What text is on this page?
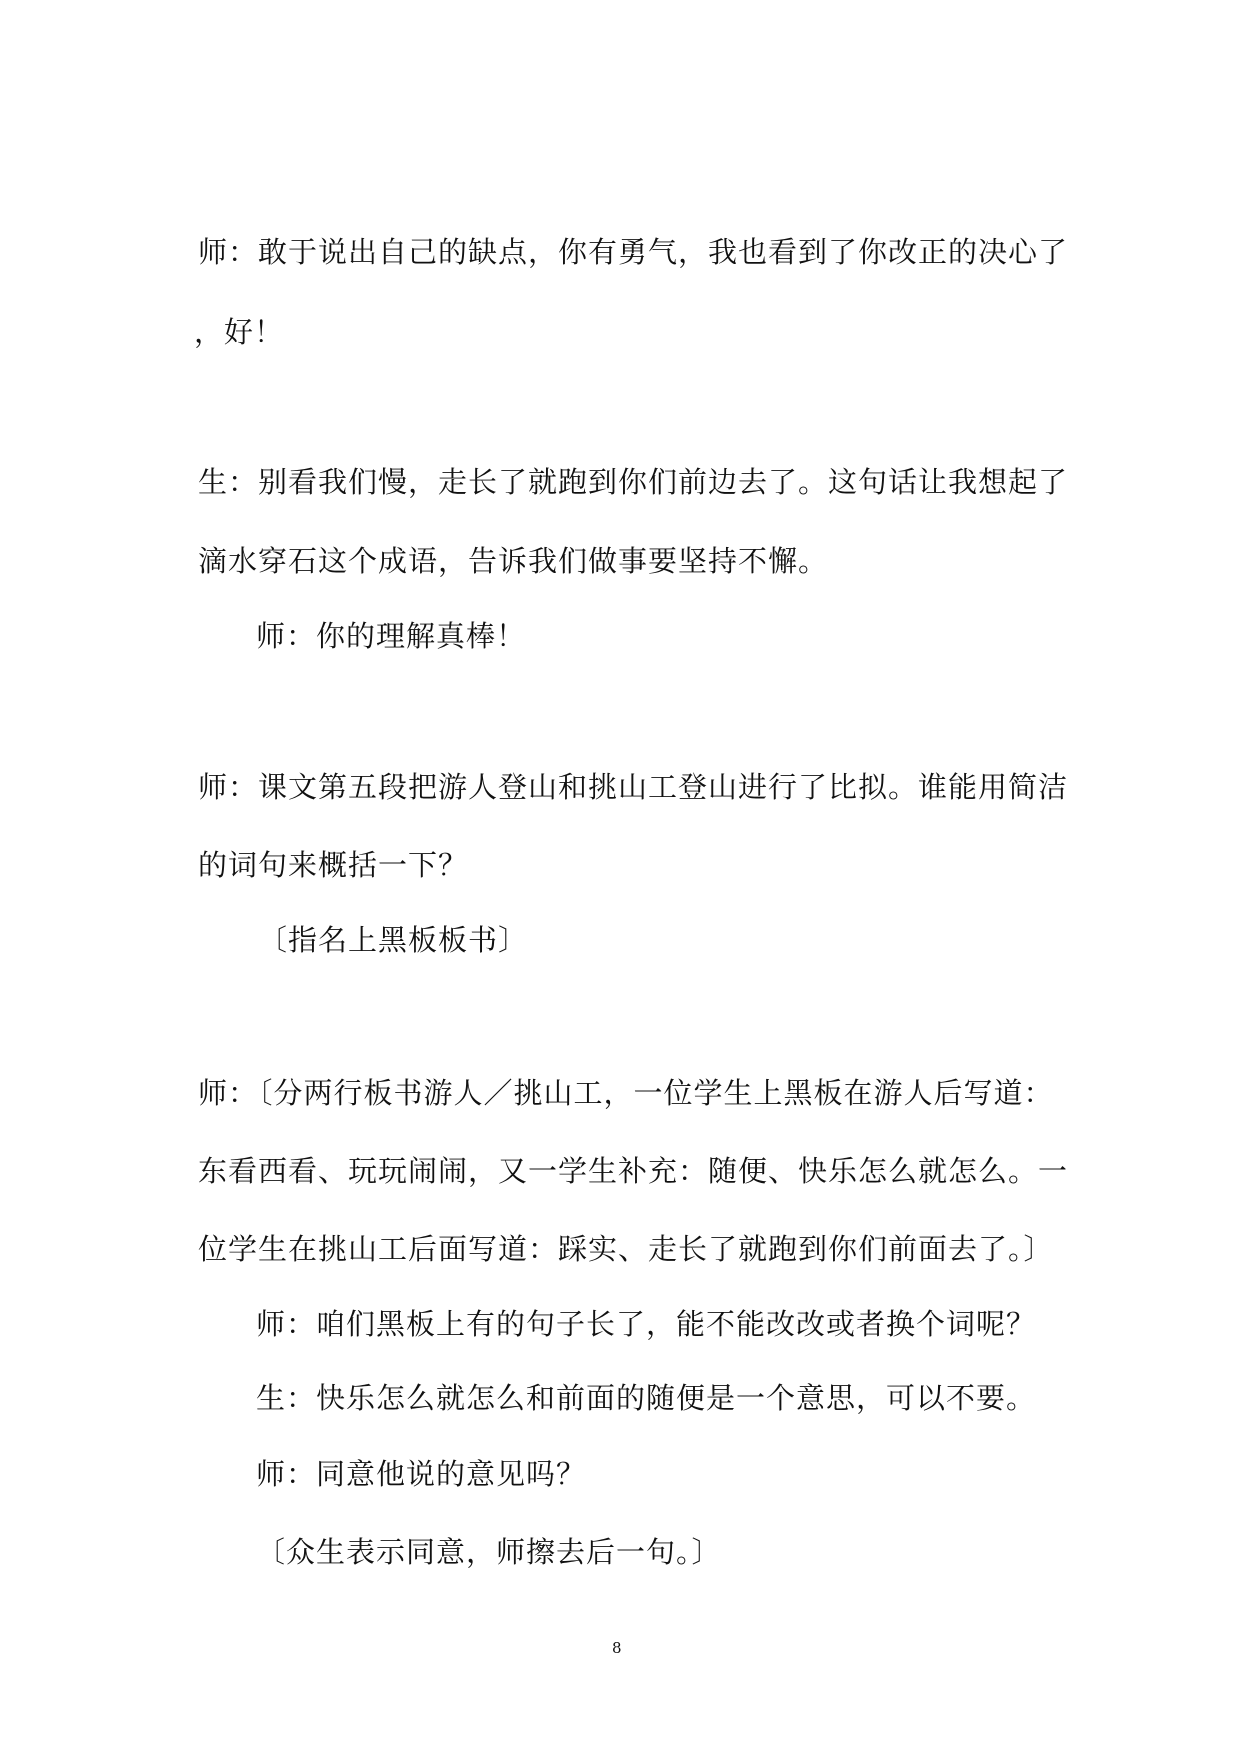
师：敢于说出自己的缺点，你有勇气，我也看到了你改正的决心了
，好！
生：别看我们慢，走长了就跑到你们前边去了。这句话让我想起了
滴水穿石这个成语，告诉我们做事要坚持不懈。
师：你的理解真棒！
师：课文第五段把游人登山和挑山工登山进行了比拟。谁能用简洁
的词句来概括一下？
〔指名上黑板板书〕
师：〔分两行板书游人／挑山工，一位学生上黑板在游人后写道：
东看西看、玩玩闹闹，又一学生补充：随便、快乐怎么就怎么。一
位学生在挑山工后面写道：踩实、走长了就跑到你们前面去了。〕
师：咱们黑板上有的句子长了，能不能改改或者换个词呢？
生：快乐怎么就怎么和前面的随便是一个意思，可以不要。
师：同意他说的意见吗？
〔众生表示同意，师擦去后一句。〕
8
